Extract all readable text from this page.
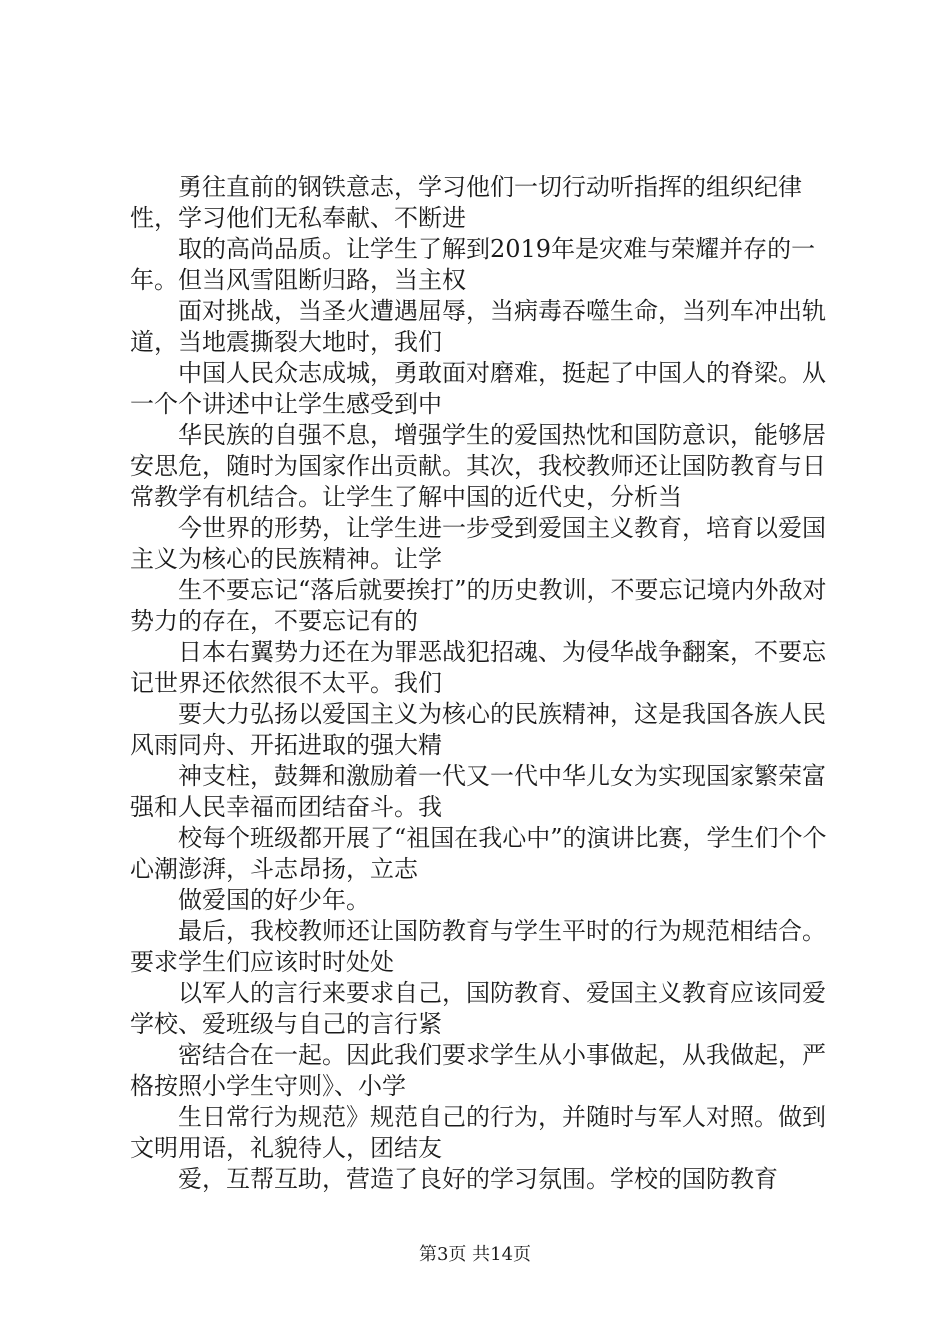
勇往直前的钢铁意志，学习他们一切行动听指挥的组织纪律性，学习他们无私奉献、不断进

取的高尚品质。让学生了解到2019年是灾难与荣耀并存的一年。但当风雪阻断归路，当主权

面对挑战，当圣火遭遇屈辱，当病毒吞噬生命，当列车冲出轨道，当地震撕裂大地时，我们

中国人民众志成城，勇敢面对磨难，挺起了中国人的脊梁。从一个个讲述中让学生感受到中

华民族的自强不息，增强学生的爱国热忱和国防意识，能够居安思危，随时为国家作出贡献。其次，我校教师还让国防教育与日常教学有机结合。让学生了解中国的近代史，分析当

今世界的形势，让学生进一步受到爱国主义教育，培育以爱国主义为核心的民族精神。让学

生不要忘记“落后就要挨打”的历史教训，不要忘记境内外敌对势力的存在，不要忘记有的

日本右翼势力还在为罪恶战犯招魂、为侵华战争翻案，不要忘记世界还依然很不太平。我们

要大力弘扬以爱国主义为核心的民族精神，这是我国各族人民风雨同舟、开拓进取的强大精

神支柱，鼓舞和激励着一代又一代中华儿女为实现国家繁荣富强和人民幸福而团结奋斗。我

校每个班级都开展了“祖国在我心中”的演讲比赛，学生们个个心潮澎湃，斗志昂扬，立志

做爱国的好少年。

最后，我校教师还让国防教育与学生平时的行为规范相结合。要求学生们应该时时处处

以军人的言行来要求自己，国防教育、爱国主义教育应该同爱学校、爱班级与自己的言行紧

密结合在一起。因此我们要求学生从小事做起，从我做起，严格按照小学生守则》、小学

生日常行为规范》规范自己的行为，并随时与军人对照。做到文明用语，礼貌待人，团结友

爱，互帮互助，营造了良好的学习氛围。学校的国防教育

第3页 共14页
